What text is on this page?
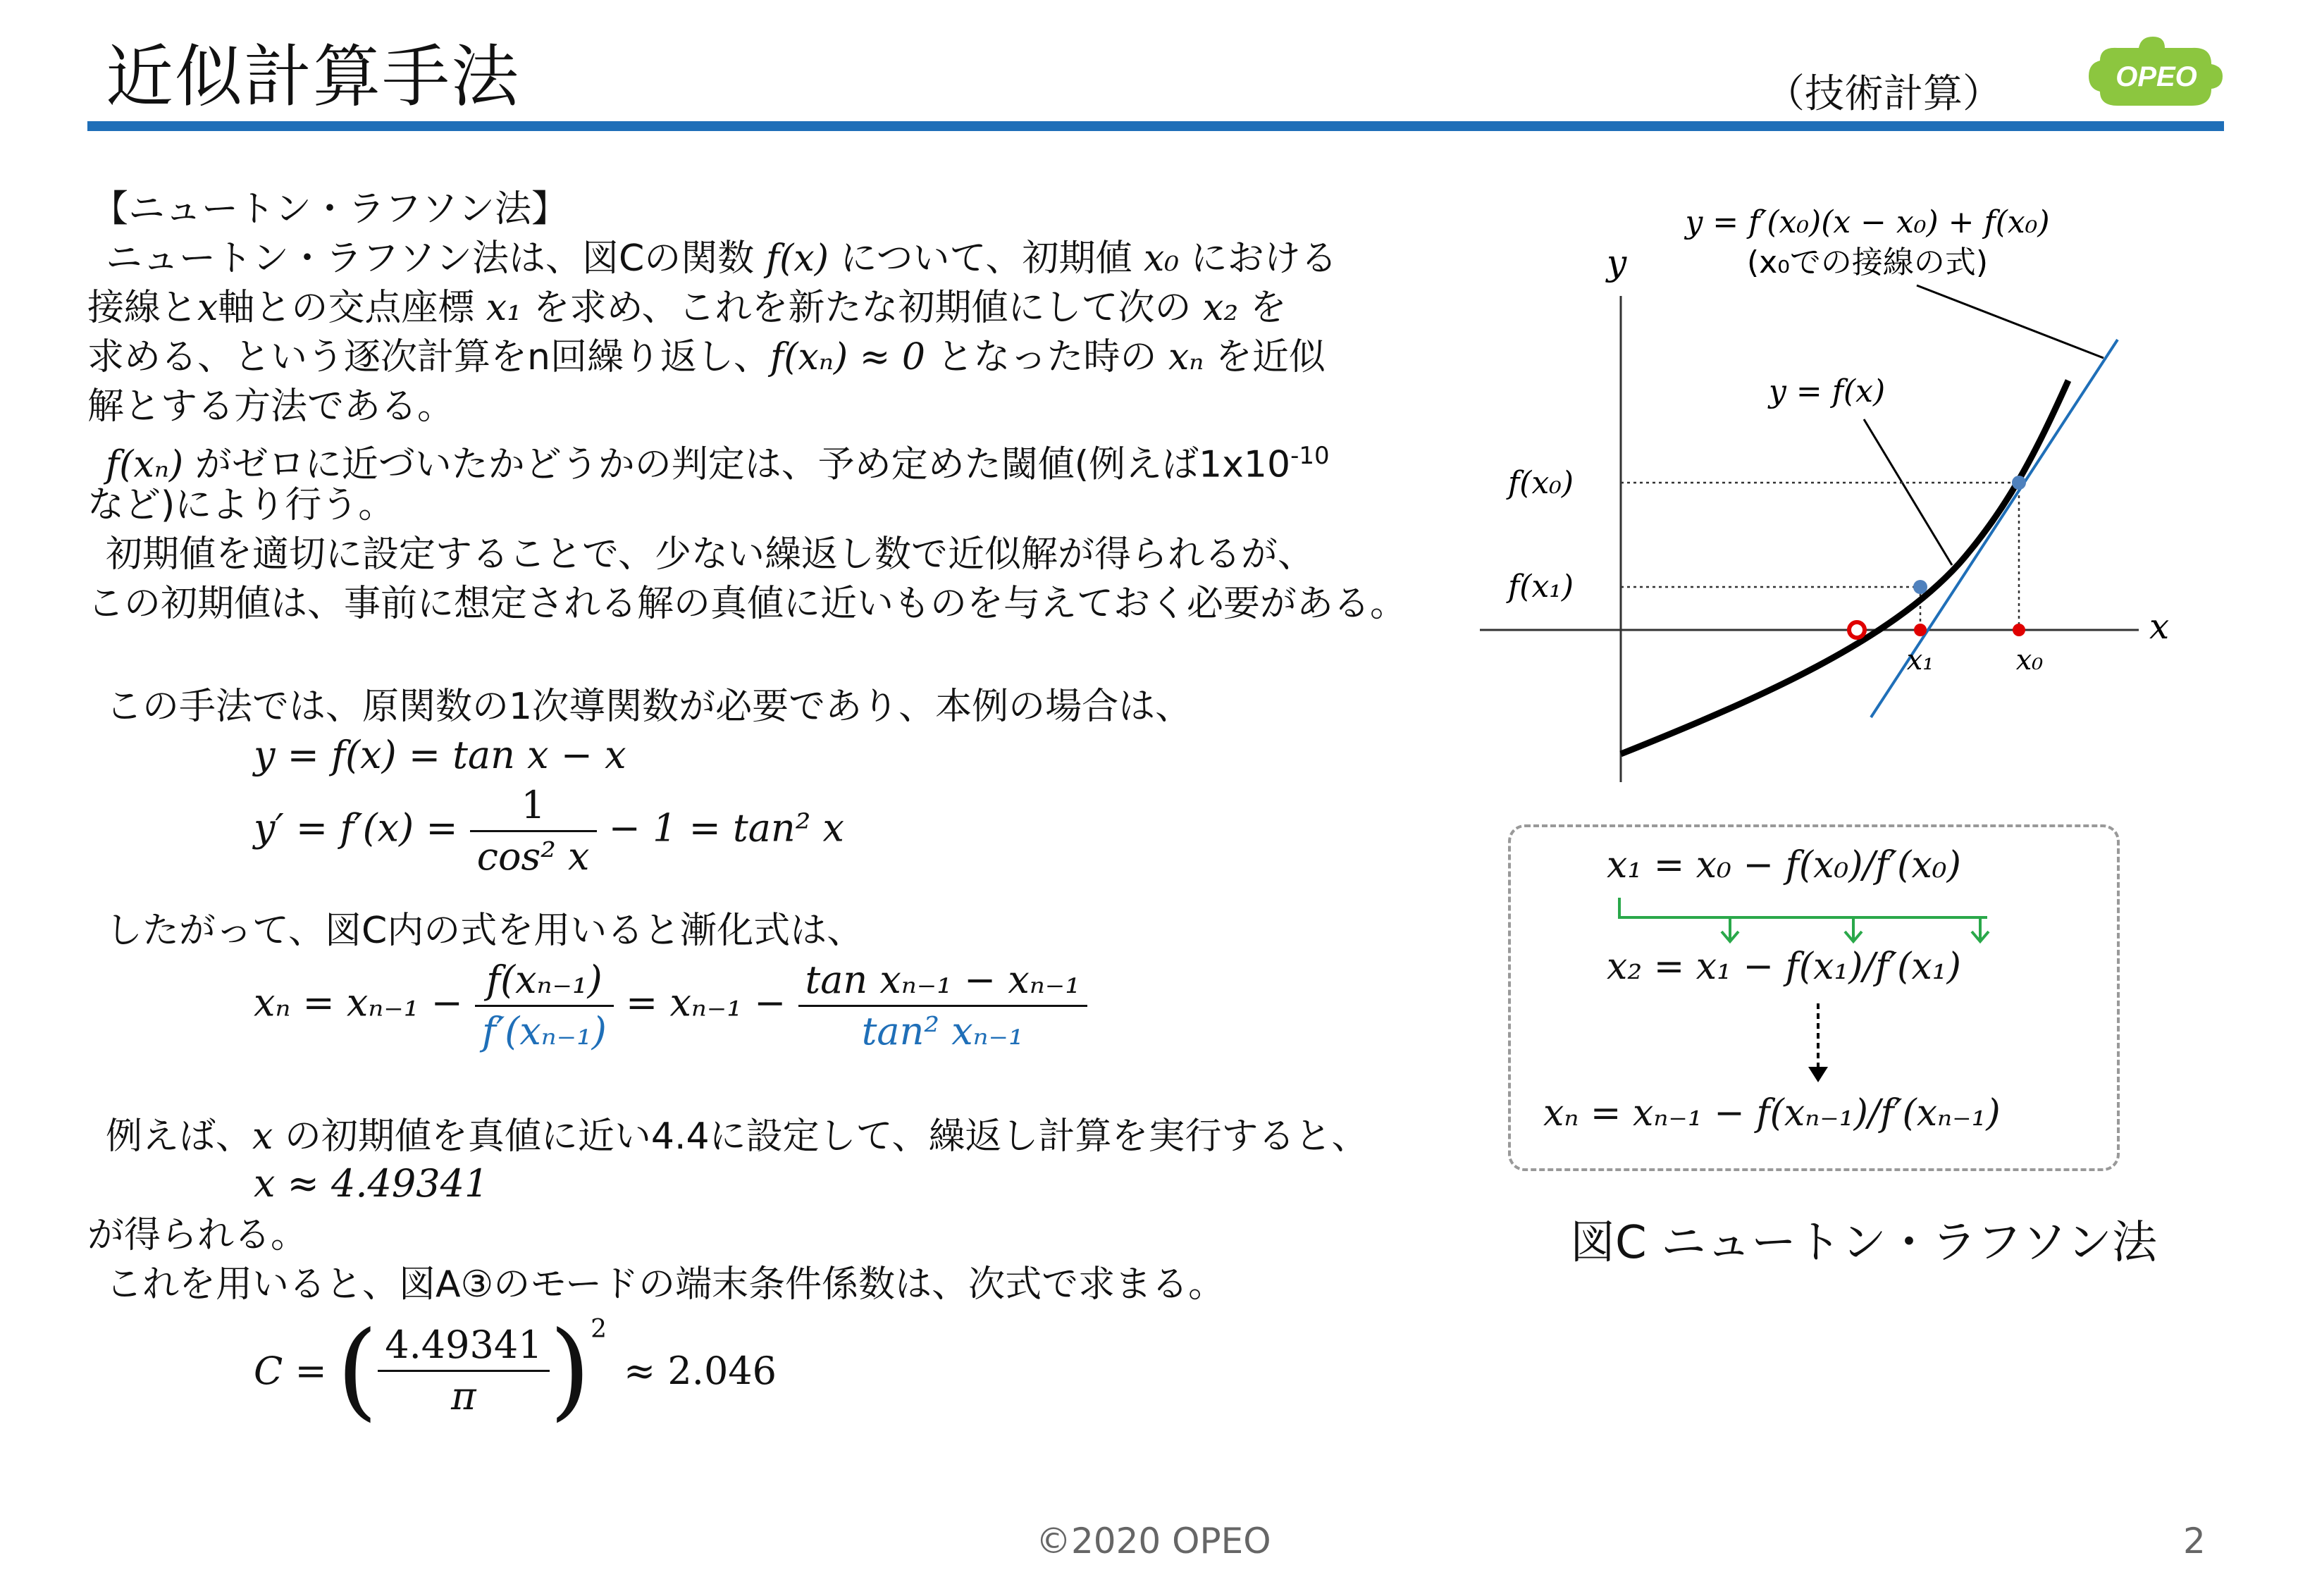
近似計算手法	（技術計算）	OPEO
【ニュートン・ラフソン法】
ニュートン・ラフソン法は、図Cの関数 f(x) について、初期値 x₀ における
接線とx軸との交点座標 x₁ を求め、これを新たな初期値にして次の x₂ を
求める、という逐次計算をn回繰り返し、f(xₙ) ≈ 0 となった時の xₙ を近似
解とする方法である。
f(xₙ) がゼロに近づいたかどうかの判定は、予め定めた閾値(例えば$1x10^{-10}$
など)により行う。
初期値を適切に設定することで、少ない繰返し数で近似解が得られるが、
この初期値は、事前に想定される解の真値に近いものを与えておく必要がある。
この手法では、原関数の1次導関数が必要であり、本例の場合は、
y = f(x) = tan x − x
$y' = f'(x) = \frac{1}{\text{cos² x}} - 1 = \tan^2$ x
したがって、図C内の式を用いると漸化式は、
$x_n = x_{n-1} - \frac{\text{f(xₙ₋₁)}}{\text{f′(xₙ₋₁)}} = x_{n-1} - \frac{\text{tan xₙ₋₁ − xₙ₋₁}}{\text{tan² xₙ₋₁}}$
例えば、x の初期値を真値に近い4.4に設定して、繰返し計算を実行すると、
x ≈ 4.49341
が得られる。
これを用いると、図A③のモードの端末条件係数は、次式で求まる。
C = ( $\frac{4.49341}{\pi}$ ) 2
≈ 2.046
y
x
y = f′(x₀)(x − x₀) + f(x₀)
(x₀での接線の式)
y = f(x)
f(x₀)
f(x₁)
x₁	x₀
x₁ = x₀ − f(x₀)/f′(x₀)
x₂ = x₁ − f(x₁)/f′(x₁)
xₙ = xₙ₋₁ − f(xₙ₋₁)/f′(xₙ₋₁)
図C ニュートン・ラフソン法
©2020 OPEO	2
